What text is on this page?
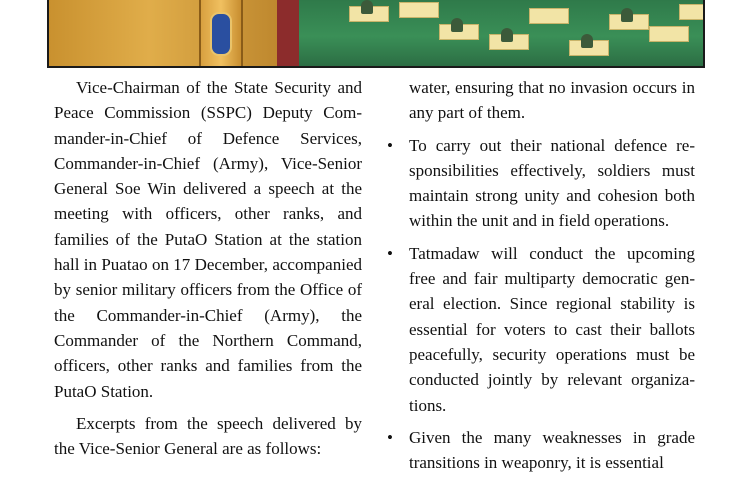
Vice-Chairman of the State Security and Peace Commission (SSPC) Deputy Commander-in-Chief of Defence Services, Commander-in-Chief (Army), Vice-Senior General Soe Win delivered a speech at the meeting with officers, other ranks, and families of the PutaO Station at the station hall in Puatao on 17 December, accompanied by senior military officers from the Office of the Commander-in-Chief (Army), the Commander of the Northern Command, officers, other ranks and families from the PutaO Station.

Excerpts from the speech delivered by the Vice-Senior General are as follows:

water, ensuring that no invasion occurs in any part of them.

• To carry out their national defence responsibilities effectively, soldiers must maintain strong unity and cohesion both within the unit and in field operations.
• Tatmadaw will conduct the upcoming free and fair multiparty democratic general election. Since regional stability is essential for voters to cast their ballots peacefully, security operations must be conducted jointly by relevant organizations.
• Given the many weaknesses in grade transitions in weaponry, it is essential
